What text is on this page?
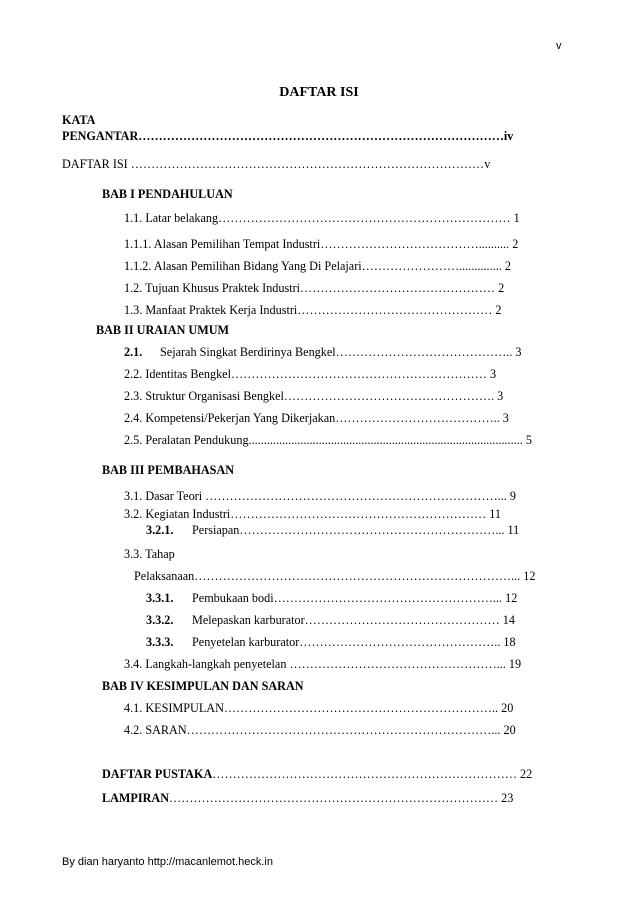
v
DAFTAR ISI
KATA
PENGANTAR………………………………………………………………………………iv
DAFTAR ISI ……………………………………………………………………………v
BAB I PENDAHULUAN
1.1. Latar belakang……………………………………………………………… 1
1.1.1. Alasan Pemilihan Tempat Industri………………………………….......... 2
1.1.2. Alasan Pemilihan Bidang Yang Di Pelajari…………………….............. 2
1.2. Tujuan Khusus Praktek Industri………………………………………… 2
1.3. Manfaat Praktek Kerja Industri………………………………………… 2
BAB II URAIAN UMUM
2.1. Sejarah Singkat Berdirinya Bengkel…………………………………….. 3
2.2. Identitas Bengkel……………………………………………………… 3
2.3. Struktur Organisasi Bengkel……………………………………………. 3
2.4. Kompetensi/Pekerjan Yang Dikerjakan………………………………….. 3
2.5. Peralatan Pendukung.......................................................................................... 5
BAB III PEMBAHASAN
3.1. Dasar Teori ………………………………………………………………... 9
3.2. Kegiatan Industri……………………………………………………… 11
3.2.1. Persiapan………………………………………………………... 11
3.3. Tahap
Pelaksanaan……………………………………………………………………... 12
3.3.1. Pembukaan bodi………………………………………………... 12
3.3.2. Melepaskan karburator………………………………………… 14
3.3.3. Penyetelan karburator………………………………………….. 18
3.4. Langkah-langkah penyetelan ……………………………………………... 19
BAB IV KESIMPULAN DAN SARAN
4.1. KESIMPULAN………………………………………………………….. 20
4.2. SARAN…………………………………………………………………... 20
DAFTAR PUSTAKA………………………………………………………………… 22
LAMPIRAN……………………………………………………………………… 23
By dian haryanto http://macanlemot.heck.in
